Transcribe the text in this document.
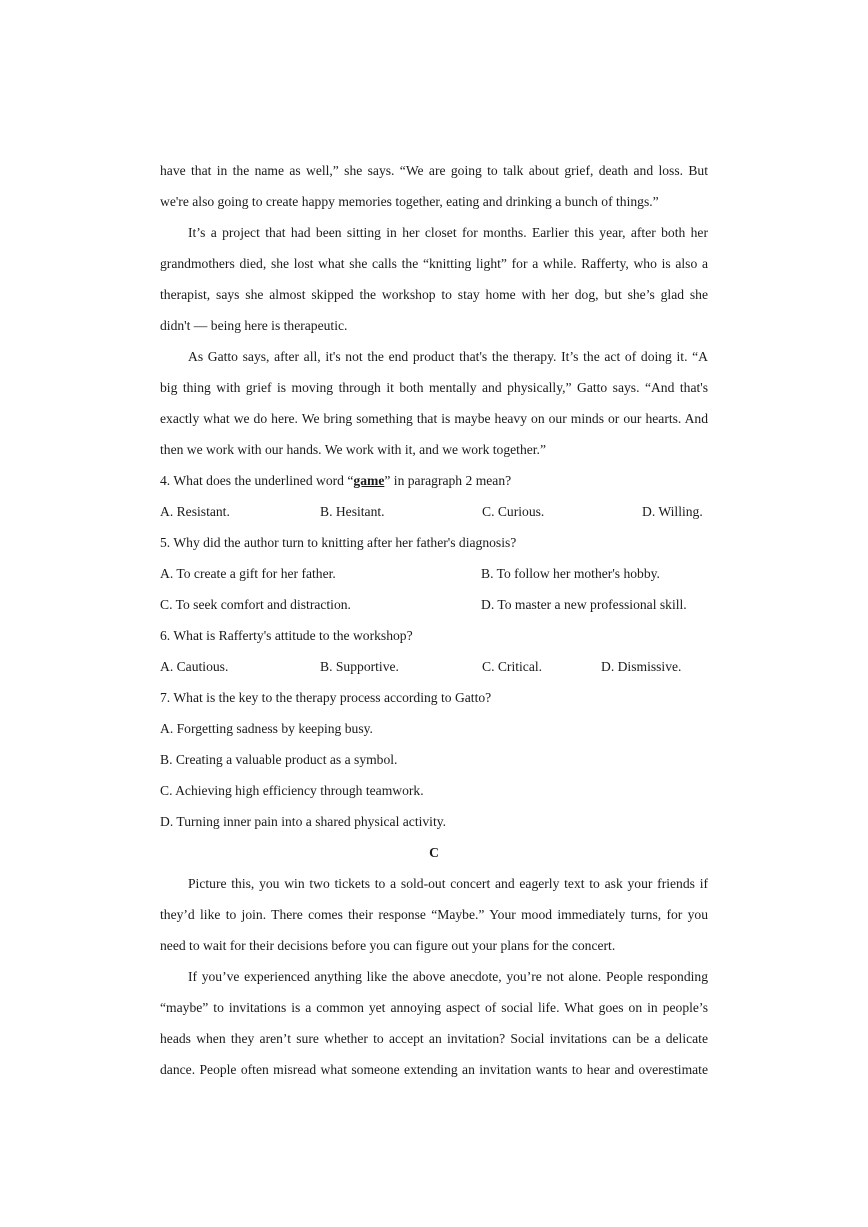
have that in the name as well,” she says. “We are going to talk about grief, death and loss. But
we're also going to create happy memories together, eating and drinking a bunch of things.”
It’s a project that had been sitting in her closet for months. Earlier this year, after both her
grandmothers died, she lost what she calls the “knitting light” for a while. Rafferty, who is also a
therapist, says she almost skipped the workshop to stay home with her dog, but she’s glad she
didn't — being here is therapeutic.
As Gatto says, after all, it's not the end product that's the therapy. It’s the act of doing it. “A
big thing with grief is moving through it both mentally and physically,” Gatto says. “And that's
exactly what we do here. We bring something that is maybe heavy on our minds or our hearts. And
then we work with our hands. We work with it, and we work together.”
4. What does the underlined word “game” in paragraph 2 mean?
A. Resistant.	B. Hesitant.	C. Curious.	D. Willing.
5. Why did the author turn to knitting after her father's diagnosis?
A. To create a gift for her father.	B. To follow her mother's hobby.
C. To seek comfort and distraction.	D. To master a new professional skill.
6. What is Rafferty's attitude to the workshop?
A. Cautious.	B. Supportive.	C. Critical.	D. Dismissive.
7. What is the key to the therapy process according to Gatto?
A. Forgetting sadness by keeping busy.
B. Creating a valuable product as a symbol.
C. Achieving high efficiency through teamwork.
D. Turning inner pain into a shared physical activity.
C
Picture this, you win two tickets to a sold-out concert and eagerly text to ask your friends if
they’d like to join. There comes their response “Maybe.” Your mood immediately turns, for you
need to wait for their decisions before you can figure out your plans for the concert.
If you’ve experienced anything like the above anecdote, you’re not alone. People responding
“maybe” to invitations is a common yet annoying aspect of social life. What goes on in people’s
heads when they aren’t sure whether to accept an invitation? Social invitations can be a delicate
dance. People often misread what someone extending an invitation wants to hear and overestimate
